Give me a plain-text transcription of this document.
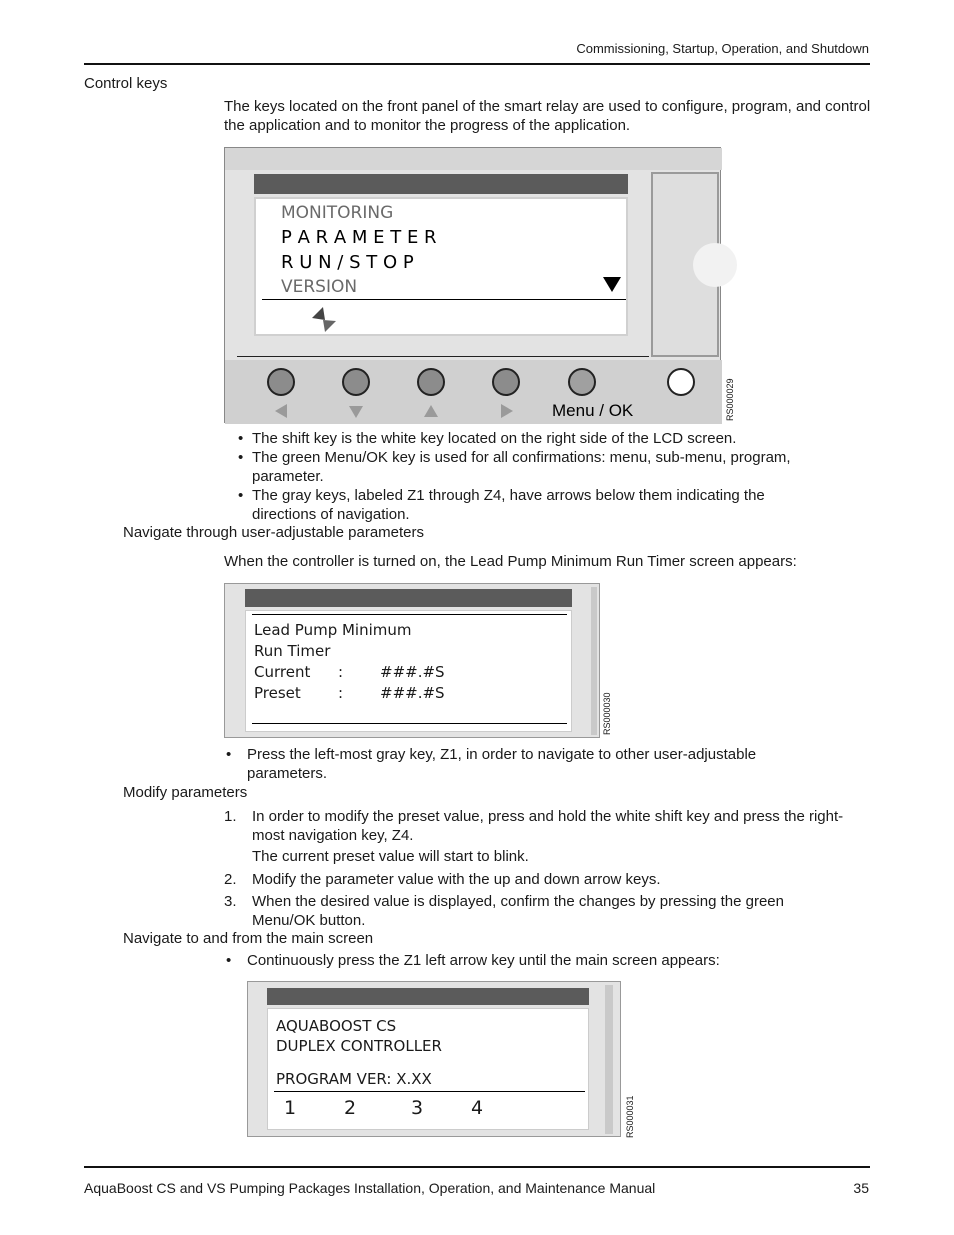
Commissioning, Startup, Operation, and Shutdown
Control keys
The keys located on the front panel of the smart relay are used to configure, program, and control the application and to monitor the progress of the application.
MONITORING
P A R A M E T E R
R U N / S T O P
VERSION
Menu / OK	RS000029
• The shift key is the white key located on the right side of the LCD screen.
• The green Menu/OK key is used for all confirmations: menu, sub-menu, program, parameter.
• The gray keys, labeled Z1 through Z4, have arrows below them indicating the directions of navigation.
Navigate through user-adjustable parameters
When the controller is turned on, the Lead Pump Minimum Run Timer screen appears:
Lead Pump Minimum
Run Timer
Current : ###.#S
Preset : ###.#S	RS000030
• Press the left-most gray key, Z1, in order to navigate to other user-adjustable parameters.
Modify parameters
1. In order to modify the preset value, press and hold the white shift key and press the right-most navigation key, Z4.
The current preset value will start to blink.
2. Modify the parameter value with the up and down arrow keys.
3. When the desired value is displayed, confirm the changes by pressing the green Menu/OK button.
Navigate to and from the main screen
• Continuously press the Z1 left arrow key until the main screen appears:
AQUABOOST CS
DUPLEX CONTROLLER
PROGRAM VER: X.XX
1	2	3	4	RS000031
AquaBoost CS and VS Pumping Packages Installation, Operation, and Maintenance Manual	35
